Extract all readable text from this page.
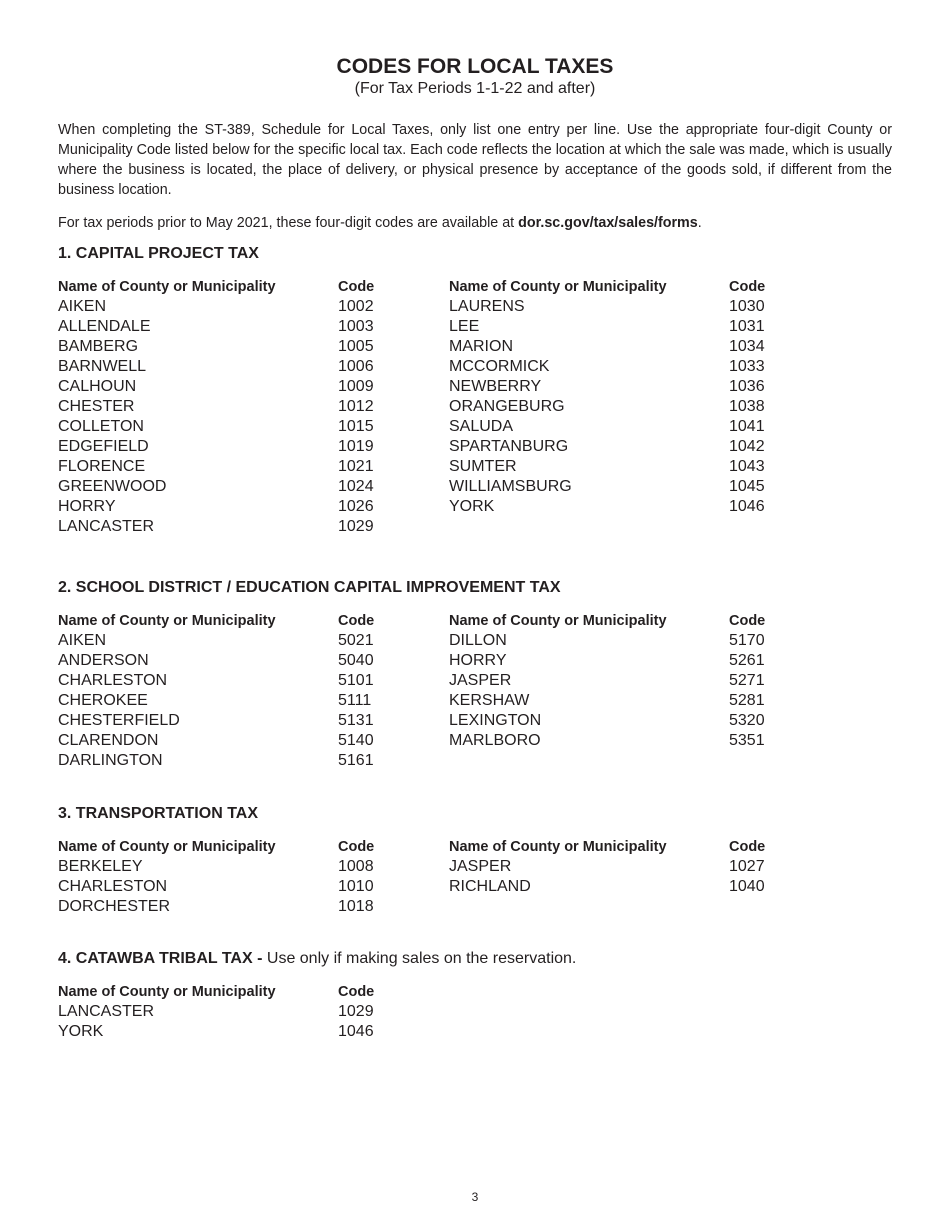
CODES FOR LOCAL TAXES
(For Tax Periods 1-1-22 and after)

When completing the ST-389, Schedule for Local Taxes, only list one entry per line. Use the appropriate four-digit County or Municipality Code listed below for the specific local tax. Each code reflects the location at which the sale was made, which is usually where the business is located, the place of delivery, or physical presence by acceptance of the goods sold, if different from the business location.

For tax periods prior to May 2021, these four-digit codes are available at dor.sc.gov/tax/sales/forms.

1. CAPITAL PROJECT TAX
Name of County or Municipality	Code
AIKEN	1002
ALLENDALE	1003
BAMBERG	1005
BARNWELL	1006
CALHOUN	1009
CHESTER	1012
COLLETON	1015
EDGEFIELD	1019
FLORENCE	1021
GREENWOOD	1024
HORRY	1026
LANCASTER	1029
Name of County or Municipality	Code
LAURENS	1030
LEE	1031
MARION	1034
MCCORMICK	1033
NEWBERRY	1036
ORANGEBURG	1038
SALUDA	1041
SPARTANBURG	1042
SUMTER	1043
WILLIAMSBURG	1045
YORK	1046
2. SCHOOL DISTRICT / EDUCATION CAPITAL IMPROVEMENT TAX
Name of County or Municipality	Code
AIKEN	5021
ANDERSON	5040
CHARLESTON	5101
CHEROKEE	5111
CHESTERFIELD	5131
CLARENDON	5140
DARLINGTON	5161
Name of County or Municipality	Code
DILLON	5170
HORRY	5261
JASPER	5271
KERSHAW	5281
LEXINGTON	5320
MARLBORO	5351
3. TRANSPORTATION TAX
Name of County or Municipality	Code
BERKELEY	1008
CHARLESTON	1010
DORCHESTER	1018
Name of County or Municipality	Code
JASPER	1027
RICHLAND	1040
4. CATAWBA TRIBAL TAX - Use only if making sales on the reservation.
Name of County or Municipality	Code
LANCASTER	1029
YORK	1046
3
